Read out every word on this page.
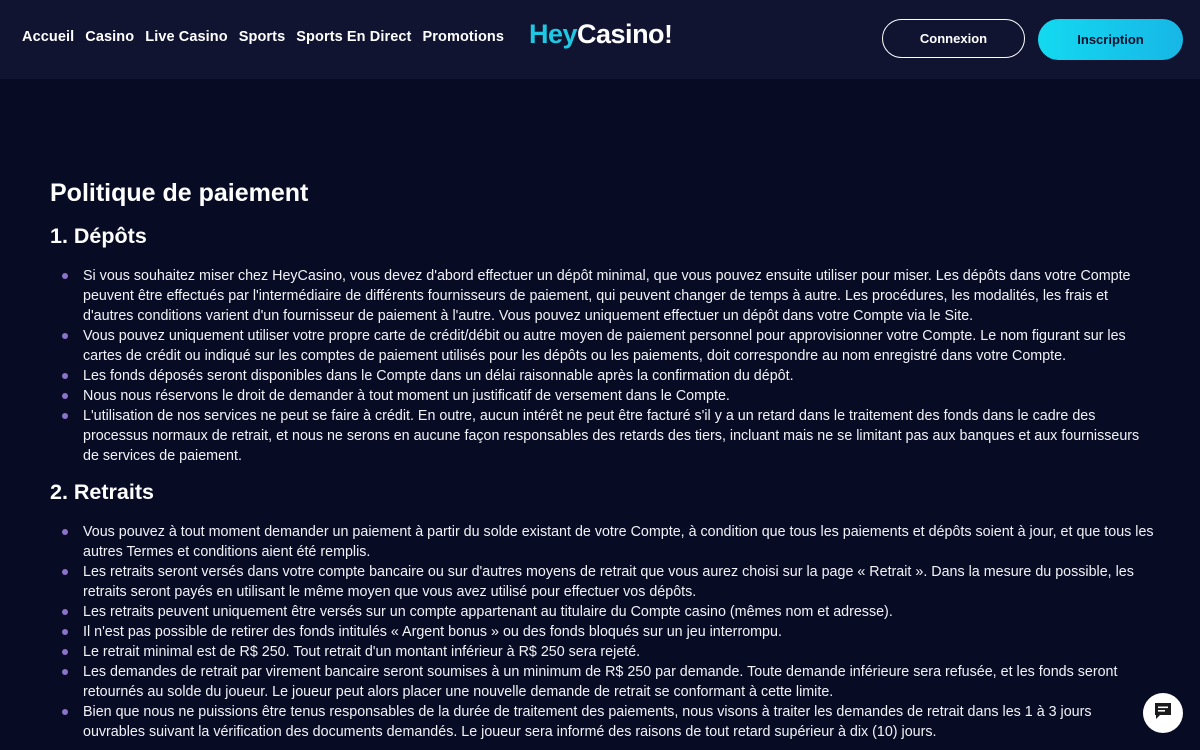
Accueil Casino Live Casino Sports Sports En Direct Promotions Hey Casino !	Connexion	Inscription
Politique de paiement
1. Dépôts
Si vous souhaitez miser chez HeyCasino, vous devez d'abord effectuer un dépôt minimal, que vous pouvez ensuite utiliser pour miser. Les dépôts dans votre Compte peuvent être effectués par l'intermédiaire de différents fournisseurs de paiement, qui peuvent changer de temps à autre. Les procédures, les modalités, les frais et d'autres conditions varient d'un fournisseur de paiement à l'autre. Vous pouvez uniquement effectuer un dépôt dans votre Compte via le Site.
Vous pouvez uniquement utiliser votre propre carte de crédit/débit ou autre moyen de paiement personnel pour approvisionner votre Compte. Le nom figurant sur les cartes de crédit ou indiqué sur les comptes de paiement utilisés pour les dépôts ou les paiements, doit correspondre au nom enregistré dans votre Compte.
Les fonds déposés seront disponibles dans le Compte dans un délai raisonnable après la confirmation du dépôt.
Nous nous réservons le droit de demander à tout moment un justificatif de versement dans le Compte.
L'utilisation de nos services ne peut se faire à crédit. En outre, aucun intérêt ne peut être facturé s'il y a un retard dans le traitement des fonds dans le cadre des processus normaux de retrait, et nous ne serons en aucune façon responsables des retards des tiers, incluant mais ne se limitant pas aux banques et aux fournisseurs de services de paiement.
2. Retraits
Vous pouvez à tout moment demander un paiement à partir du solde existant de votre Compte, à condition que tous les paiements et dépôts soient à jour, et que tous les autres Termes et conditions aient été remplis.
Les retraits seront versés dans votre compte bancaire ou sur d'autres moyens de retrait que vous aurez choisi sur la page « Retrait ». Dans la mesure du possible, les retraits seront payés en utilisant le même moyen que vous avez utilisé pour effectuer vos dépôts.
Les retraits peuvent uniquement être versés sur un compte appartenant au titulaire du Compte casino (mêmes nom et adresse).
Il n'est pas possible de retirer des fonds intitulés « Argent bonus » ou des fonds bloqués sur un jeu interrompu.
Le retrait minimal est de R$ 250. Tout retrait d'un montant inférieur à R$ 250 sera rejeté.
Les demandes de retrait par virement bancaire seront soumises à un minimum de R$ 250 par demande. Toute demande inférieure sera refusée, et les fonds seront retournés au solde du joueur. Le joueur peut alors placer une nouvelle demande de retrait se conformant à cette limite.
Bien que nous ne puissions être tenus responsables de la durée de traitement des paiements, nous visons à traiter les demandes de retrait dans les 1 à 3 jours ouvrables suivant la vérification des documents demandés. Le joueur sera informé des raisons de tout retard supérieur à dix (10) jours.
